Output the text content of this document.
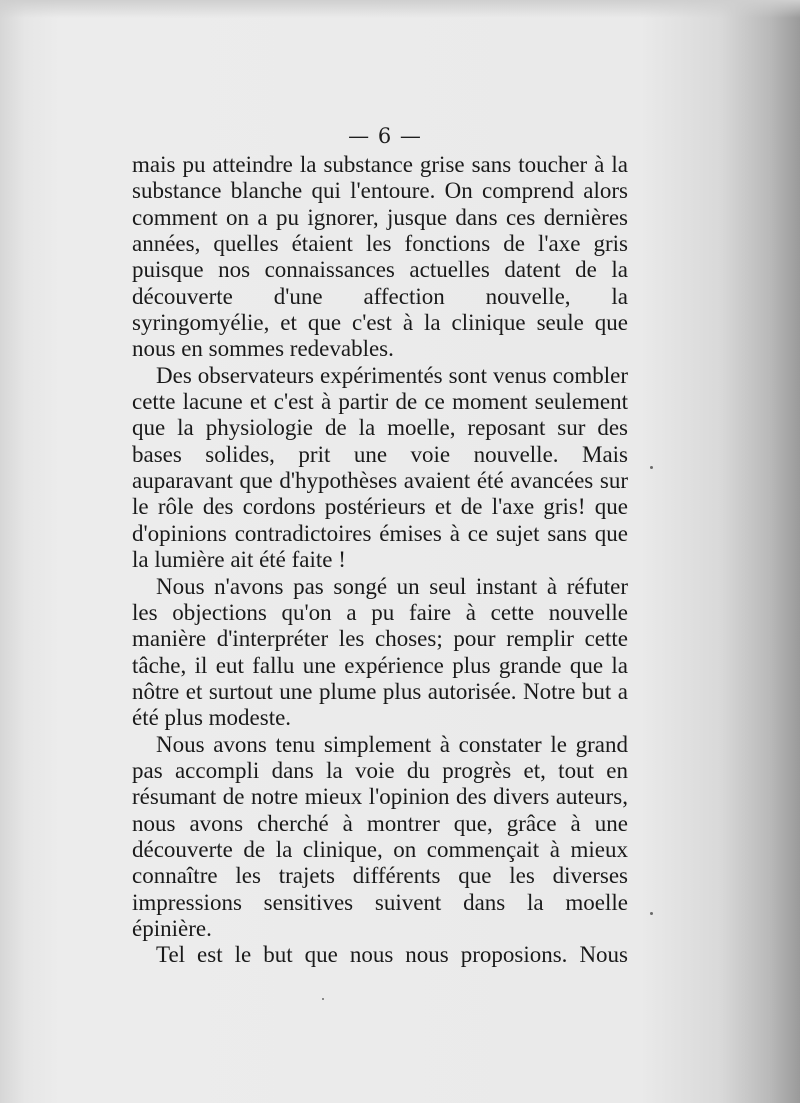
— 6 —

mais pu atteindre la substance grise sans toucher à la substance blanche qui l'entoure. On comprend alors comment on a pu ignorer, jusque dans ces dernières années, quelles étaient les fonctions de l'axe gris puisque nos connaissances actuelles datent de la découverte d'une affection nouvelle, la syringomyélie, et que c'est à la clinique seule que nous en sommes redevables.

Des observateurs expérimentés sont venus combler cette lacune et c'est à partir de ce moment seulement que la physiologie de la moelle, reposant sur des bases solides, prit une voie nouvelle. Mais auparavant que d'hypothèses avaient été avancées sur le rôle des cordons postérieurs et de l'axe gris! que d'opinions contradictoires émises à ce sujet sans que la lumière ait été faite !

Nous n'avons pas songé un seul instant à réfuter les objections qu'on a pu faire à cette nouvelle manière d'interpréter les choses; pour remplir cette tâche, il eut fallu une expérience plus grande que la nôtre et surtout une plume plus autorisée. Notre but a été plus modeste.

Nous avons tenu simplement à constater le grand pas accompli dans la voie du progrès et, tout en résumant de notre mieux l'opinion des divers auteurs, nous avons cherché à montrer que, grâce à une découverte de la clinique, on commençait à mieux connaître les trajets différents que les diverses impressions sensitives suivent dans la moelle épinière.

Tel est le but que nous nous proposions. Nous
